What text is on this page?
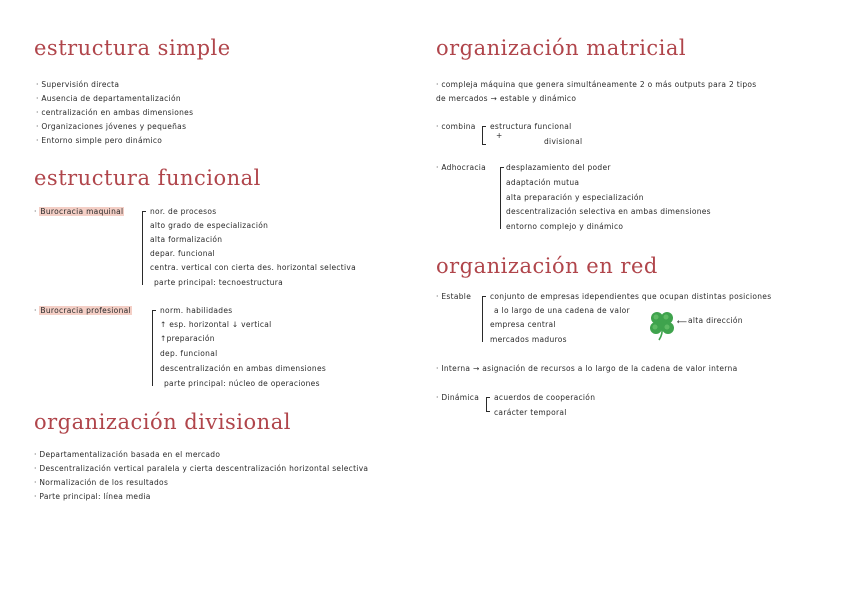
estructura simple
· Supervisión directa
· Ausencia de departamentalización
· centralización en ambas dimensiones
· Organizaciones jóvenes y pequeñas
· Entorno simple pero dinámico
estructura funcional
· Burocracia maquinal	nor. de procesos
alto grado de especialización
alta formalización
depar. funcional
centra. vertical con cierta des. horizontal selectiva
parte principal: tecnoestructura
· Burocracia profesional	norm. habilidades
↑ esp. horizontal ↓ vertical
↑preparación
dep. funcional
descentralización en ambas dimensiones
parte principal: núcleo de operaciones
organización divisional
· Departamentalización basada en el mercado
· Descentralización vertical paralela y cierta descentralización horizontal selectiva
· Normalización de los resultados
· Parte principal: línea media
organización matricial
· compleja máquina que genera simultáneamente 2 o más outputs para 2 tipos
de mercados → estable y dinámico
· combina estructura funcional
+
divisional
· Adhocracia	desplazamiento del poder
adaptación mutua
alta preparación y especialización
descentralización selectiva en ambas dimensiones
entorno complejo y dinámico
organización en red
· Estable	conjunto de empresas idependientes que ocupan distintas posiciones
a lo largo de una cadena de valor
empresa central
mercados maduros
⟵ alta dirección
· Interna → asignación de recursos a lo largo de la cadena de valor interna
· Dinámica acuerdos de cooperación
carácter temporal
